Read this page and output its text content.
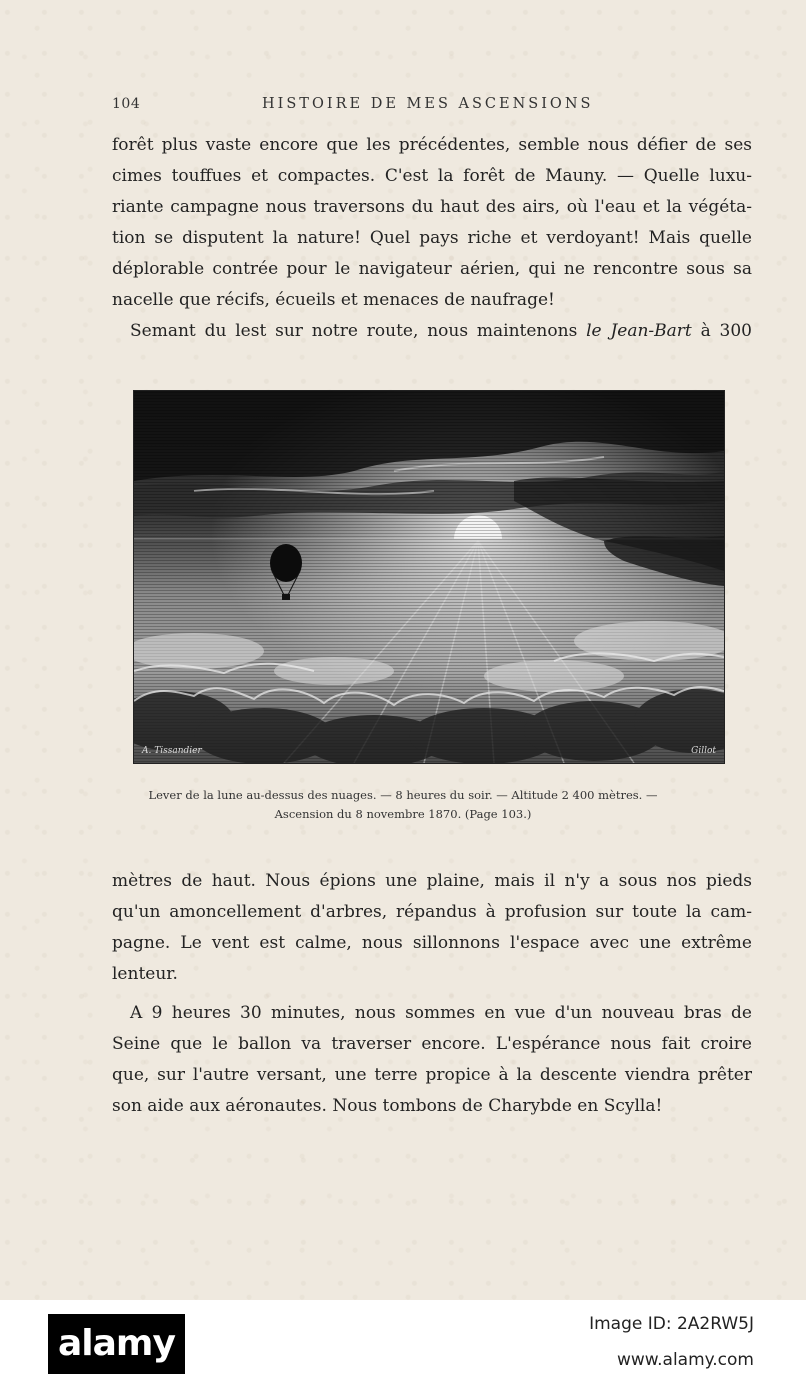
104	HISTOIRE DE MES ASCENSIONS
forêt plus vaste encore que les précédentes, semble nous défier de ses
cimes touffues et compactes. C'est la forêt de Mauny. — Quelle luxu-
riante campagne nous traversons du haut des airs, où l'eau et la végéta-
tion se disputent la nature! Quel pays riche et verdoyant! Mais quelle
déplorable contrée pour le navigateur aérien, qui ne rencontre sous sa
nacelle que récifs, écueils et menaces de naufrage!
Semant du lest sur notre route, nous maintenons le Jean-Bart à 300
A. Tissandier	Gillot
Lever de la lune au-dessus des nuages. — 8 heures du soir. — Altitude 2 400 mètres. —
Ascension du 8 novembre 1870. (Page 103.)
mètres de haut. Nous épions une plaine, mais il n'y a sous nos pieds
qu'un amoncellement d'arbres, répandus à profusion sur toute la cam-
pagne. Le vent est calme, nous sillonnons l'espace avec une extrême
lenteur.
A 9 heures 30 minutes, nous sommes en vue d'un nouveau bras de
Seine que le ballon va traverser encore. L'espérance nous fait croire
que, sur l'autre versant, une terre propice à la descente viendra prêter
son aide aux aéronautes. Nous tombons de Charybde en Scylla!
alamy	Image ID: 2A2RW5J
www.alamy.com
